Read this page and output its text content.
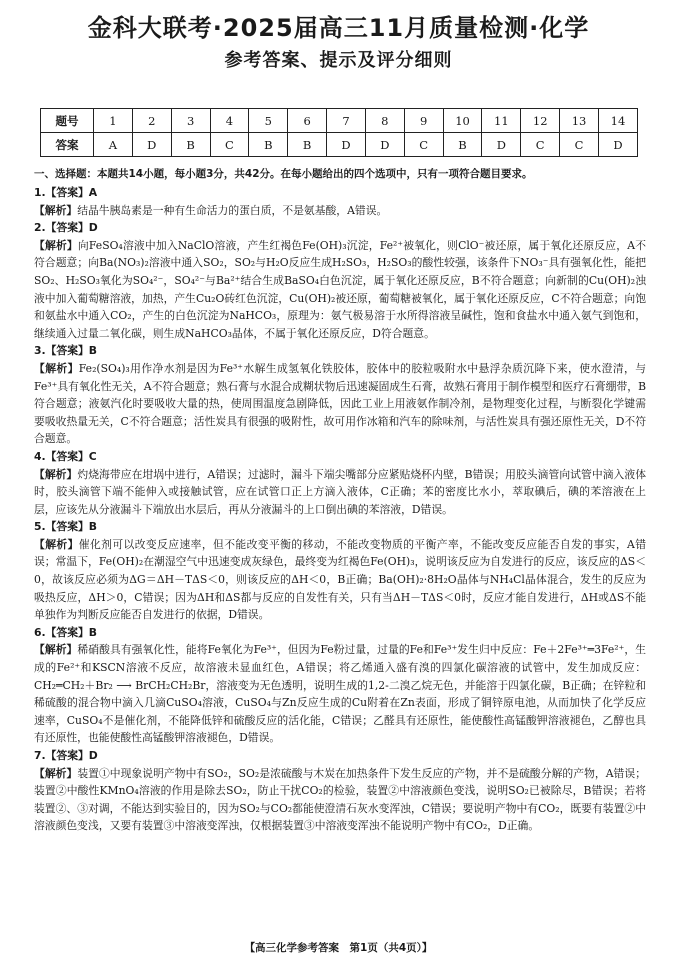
金科大联考·2025届高三11月质量检测·化学
参考答案、提示及评分细则
题号	1	2	3	4	5	6	7	8	9	10	11	12	13	14
答案	A	D	B	C	B	B	D	D	C	B	D	C	C	D
一、选择题：本题共14小题，每小题3分，共42分。在每小题给出的四个选项中，只有一项符合题目要求。

1.【答案】A

【解析】结晶牛胰岛素是一种有生命活力的蛋白质，不是氨基酸，A错误。

2.【答案】D

【解析】向FeSO₄溶液中加入NaClO溶液，产生红褐色Fe(OH)₃沉淀，Fe²⁺被氧化，则ClO⁻被还原，属于氧化还原反应，A不符合题意；向Ba(NO₃)₂溶液中通入SO₂，SO₂与H₂O反应生成H₂SO₃，H₂SO₃的酸性较强，该条件下NO₃⁻具有强氧化性，能把SO₂、H₂SO₃氧化为SO₄²⁻，SO₄²⁻与Ba²⁺结合生成BaSO₄白色沉淀，属于氧化还原反应，B不符合题意；向新制的Cu(OH)₂浊液中加入葡萄糖溶液，加热，产生Cu₂O砖红色沉淀，Cu(OH)₂被还原，葡萄糖被氧化，属于氧化还原反应，C不符合题意；向饱和氨盐水中通入CO₂，产生的白色沉淀为NaHCO₃，原理为：氨气极易溶于水所得溶液呈碱性，饱和食盐水中通入氨气到饱和，继续通入过量二氧化碳，则生成NaHCO₃晶体，不属于氧化还原反应，D符合题意。

3.【答案】B

【解析】Fe₂(SO₄)₃用作净水剂是因为Fe³⁺水解生成氢氧化铁胶体，胶体中的胶粒吸附水中悬浮杂质沉降下来，使水澄清，与Fe³⁺具有氧化性无关，A不符合题意；熟石膏与水混合成糊状物后迅速凝固成生石膏，故熟石膏用于制作模型和医疗石膏绷带，B符合题意；液氨汽化时要吸收大量的热，使周围温度急剧降低，因此工业上用液氨作制冷剂，是物理变化过程，与断裂化学键需要吸收热量无关，C不符合题意；活性炭具有很强的吸附性，故可用作冰箱和汽车的除味剂，与活性炭具有强还原性无关，D不符合题意。

4.【答案】C

【解析】灼烧海带应在坩埚中进行，A错误；过滤时，漏斗下端尖嘴部分应紧贴烧杯内壁，B错误；用胶头滴管向试管中滴入液体时，胶头滴管下端不能伸入或接触试管，应在试管口正上方滴入液体，C正确；苯的密度比水小，萃取碘后，碘的苯溶液在上层，应该先从分液漏斗下端放出水层后，再从分液漏斗的上口倒出碘的苯溶液，D错误。

5.【答案】B

【解析】催化剂可以改变反应速率，但不能改变平衡的移动，不能改变物质的平衡产率，不能改变反应能否自发的事实，A错误；常温下，Fe(OH)₂在潮湿空气中迅速变成灰绿色，最终变为红褐色Fe(OH)₃，说明该反应为自发进行的反应，该反应的ΔS＜0，故该反应必须为ΔG＝ΔH－TΔS＜0，则该反应的ΔH＜0，B正确；Ba(OH)₂·8H₂O晶体与NH₄Cl晶体混合，发生的反应为吸热反应，ΔH＞0，C错误；因为ΔH和ΔS都与反应的自发性有关，只有当ΔH－TΔS＜0时，反应才能自发进行，ΔH或ΔS不能单独作为判断反应能否自发进行的依据，D错误。

6.【答案】B

【解析】稀硝酸具有强氧化性，能将Fe氧化为Fe³⁺，但因为Fe粉过量，过量的Fe和Fe³⁺发生归中反应：Fe＋2Fe³⁺═3Fe²⁺，生成的Fe²⁺和KSCN溶液不反应，故溶液未显血红色，A错误；将乙烯通入盛有溴的四氯化碳溶液的试管中，发生加成反应：CH₂═CH₂＋Br₂ ⟶ BrCH₂CH₂Br，溶液变为无色透明，说明生成的1,2-二溴乙烷无色，并能溶于四氯化碳，B正确；在锌粒和稀硫酸的混合物中滴入几滴CuSO₄溶液，CuSO₄与Zn反应生成的Cu附着在Zn表面，形成了铜锌原电池，从而加快了化学反应速率，CuSO₄不是催化剂，不能降低锌和硫酸反应的活化能，C错误；乙醛具有还原性，能使酸性高锰酸钾溶液褪色，乙醇也具有还原性，也能使酸性高锰酸钾溶液褪色，D错误。

7.【答案】D

【解析】装置①中现象说明产物中有SO₂，SO₂是浓硫酸与木炭在加热条件下发生反应的产物，并不是硫酸分解的产物，A错误；装置②中酸性KMnO₄溶液的作用是除去SO₂，防止干扰CO₂的检验，装置②中溶液颜色变浅，说明SO₂已被除尽，B错误；若将装置②、③对调，不能达到实验目的，因为SO₂与CO₂都能使澄清石灰水变浑浊，C错误；要说明产物中有CO₂，既要有装置②中溶液颜色变浅，又要有装置③中溶液变浑浊，仅根据装置③中溶液变浑浊不能说明产物中有CO₂，D正确。

【高三化学参考答案　第1页（共4页）】
